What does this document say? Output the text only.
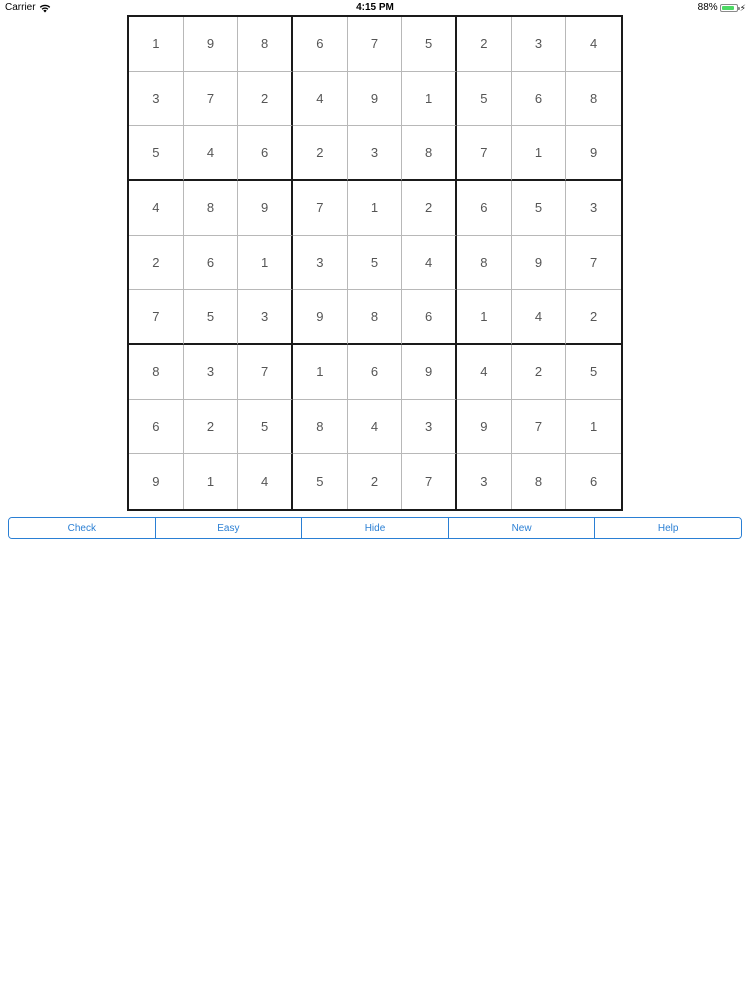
Carrier	4:15 PM	88% ⚡︎
1	9	8	6	7	5	2	3	4
3	7	2	4	9	1	5	6	8
5	4	6	2	3	8	7	1	9
4	8	9	7	1	2	6	5	3
2	6	1	3	5	4	8	9	7
7	5	3	9	8	6	1	4	2
8	3	7	1	6	9	4	2	5
6	2	5	8	4	3	9	7	1
9	1	4	5	2	7	3	8	6
Check	Easy	Hide	New	Help
